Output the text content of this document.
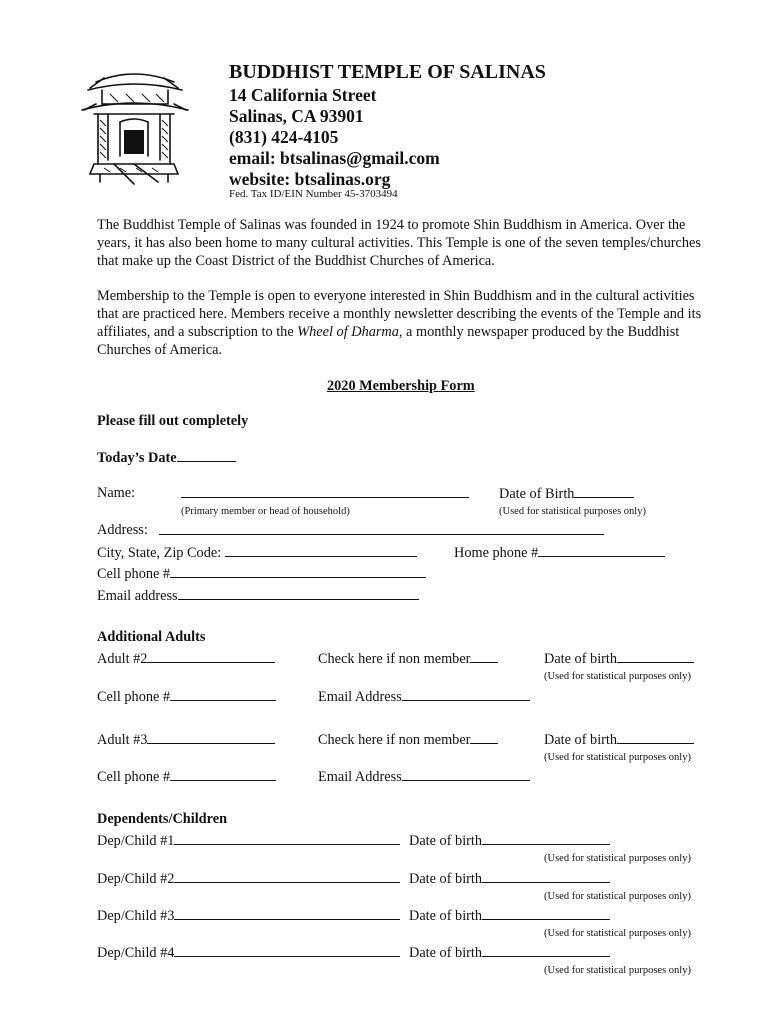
BUDDHIST TEMPLE OF SALINAS
14 California Street
Salinas, CA 93901
(831) 424-4105
email: btsalinas@gmail.com
website: btsalinas.org
Fed. Tax ID/EIN Number 45-3703494
The Buddhist Temple of Salinas was founded in 1924 to promote Shin Buddhism in America. Over the years, it has also been home to many cultural activities. This Temple is one of the seven temples/churches that make up the Coast District of the Buddhist Churches of America.
Membership to the Temple is open to everyone interested in Shin Buddhism and in the cultural activities that are practiced here. Members receive a monthly newsletter describing the events of the Temple and its affiliates, and a subscription to the Wheel of Dharma, a monthly newspaper produced by the Buddhist Churches of America.
2020 Membership Form
Please fill out completely
Today’s Date
Name:	Date of Birth
(Primary member or head of household)	(Used for statistical purposes only)
Address:
City, State, Zip Code:	Home phone #
Cell phone #
Email address
Additional Adults
Adult #2	Check here if non member	Date of birth
(Used for statistical purposes only)
Cell phone #	Email Address
Adult #3	Check here if non member	Date of birth
(Used for statistical purposes only)
Cell phone #	Email Address
Dependents/Children
Dep/Child #1	Date of birth
(Used for statistical purposes only)
Dep/Child #2	Date of birth
(Used for statistical purposes only)
Dep/Child #3	Date of birth
(Used for statistical purposes only)
Dep/Child #4	Date of birth
(Used for statistical purposes only)
